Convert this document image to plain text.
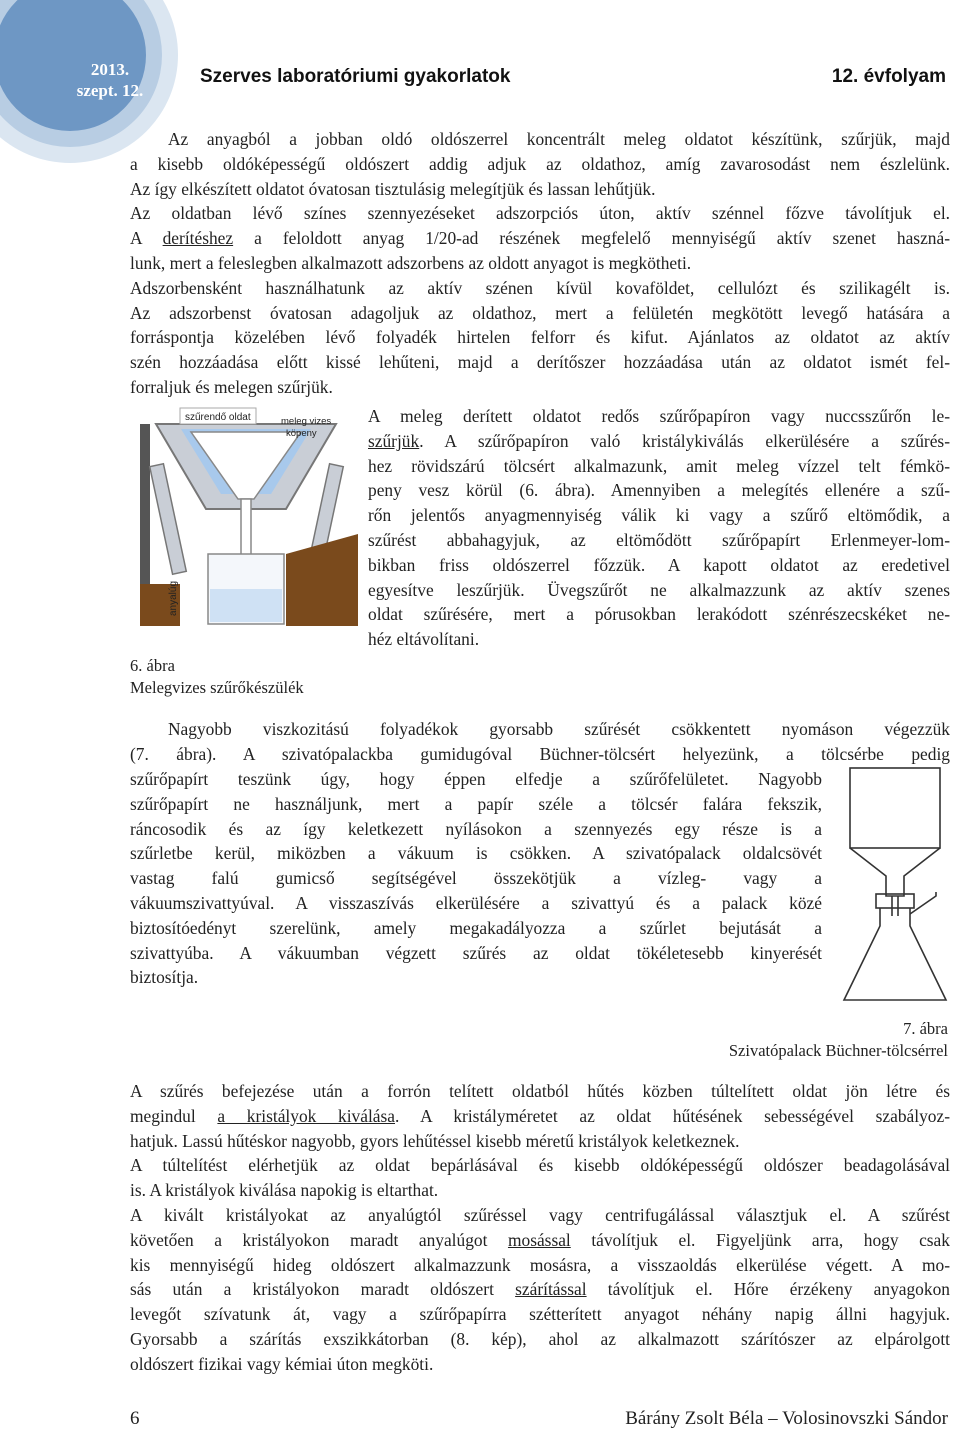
2013.
szept. 12.
Szerves laboratóriumi gyakorlatok	12. évfolyam
Az anyagból a jobban oldó oldószerrel koncentrált meleg oldatot készítünk, szűrjük, majd
a kisebb oldóképességű oldószert addig adjuk az oldathoz, amíg zavarosodást nem észlelünk.
Az így elkészített oldatot óvatosan tisztulásig melegítjük és lassan lehűtjük.
Az oldatban lévő színes szennyezéseket adszorpciós úton, aktív szénnel főzve távolítjuk el.
A derítéshez a feloldott anyag 1/20-ad részének megfelelő mennyiségű aktív szenet haszná-
lunk, mert a feleslegben alkalmazott adszorbens az oldott anyagot is megkötheti.
Adszorbensként használhatunk az aktív szénen kívül kovaföldet, cellulózt és szilikagélt is.
Az adszorbenst óvatosan adagoljuk az oldathoz, mert a felületén megkötött levegő hatására a
forráspontja közelében lévő folyadék hirtelen felforr és kifut. Ajánlatos az oldatot az aktív
szén hozzáadása előtt kissé lehűteni, majd a derítőszer hozzáadása után az oldatot ismét fel-
forraljuk és melegen szűrjük.
szűrendő oldat	meleg vizes köpeny
anyalúg
6. ábra
Melegvizes szűrőkészülék
A meleg derített oldatot redős szűrőpapíron vagy nuccsszűrőn le-
szűrjük. A szűrőpapíron való kristálykiválás elkerülésére a szűrés-
hez rövidszárú tölcsért alkalmazunk, amit meleg vízzel telt fémkö-
peny vesz körül (6. ábra). Amennyiben a melegítés ellenére a szű-
rőn jelentős anyagmennyiség válik ki vagy a szűrő eltömődik, a
szűrést abbahagyjuk, az eltömődött szűrőpapírt Erlenmeyer-lom-
bikban friss oldószerrel főzzük. A kapott oldatot az eredetivel
egyesítve leszűrjük. Üvegszűrőt ne alkalmazzunk az aktív szenes
oldat szűrésére, mert a pórusokban lerakódott szénrészecskéket ne-
héz eltávolítani.
Nagyobb viszkozitású folyadékok gyorsabb szűrését csökkentett nyomáson végezzük
(7. ábra). A szivatópalackba gumidugóval Büchner-tölcsért helyezünk, a tölcsérbe pedig
szűrőpapírt teszünk úgy, hogy éppen elfedje a szűrőfelületet. Nagyobb
szűrőpapírt ne használjunk, mert a papír széle a tölcsér falára fekszik,
ráncosodik és az így keletkezett nyílásokon a szennyezés egy része is a
szűrletbe kerül, miközben a vákuum is csökken. A szivatópalack oldalcsövét
vastag falú gumicső segítségével összekötjük a vízleg- vagy a
vákuumszivattyúval. A visszaszívás elkerülésére a szivattyú és a palack közé
biztosítóedényt szerelünk, amely megakadályozza a szűrlet bejutását a
szivattyúba. A vákuumban végzett szűrés az oldat tökéletesebb kinyerését
biztosítja.
7. ábra
Szivatópalack Büchner-tölcsérrel
A szűrés befejezése után a forrón telített oldatból hűtés közben túltelített oldat jön létre és
megindul a kristályok kiválása. A kristályméretet az oldat hűtésének sebességével szabályoz-
hatjuk. Lassú hűtéskor nagyobb, gyors lehűtéssel kisebb méretű kristályok keletkeznek.
A túltelítést elérhetjük az oldat bepárlásával és kisebb oldóképességű oldószer beadagolásával
is. A kristályok kiválása napokig is eltarthat.
A kivált kristályokat az anyalúgtól szűréssel vagy centrifugálással választjuk el. A szűrést
követően a kristályokon maradt anyalúgot mosással távolítjuk el. Figyeljünk arra, hogy csak
kis mennyiségű hideg oldószert alkalmazzunk mosásra, a visszaoldás elkerülése végett. A mo-
sás után a kristályokon maradt oldószert szárítással távolítjuk el. Hőre érzékeny anyagokon
levegőt szívatunk át, vagy a szűrőpapírra szétterített anyagot néhány napig állni hagyjuk.
Gyorsabb a szárítás exszikkátorban (8. kép), ahol az alkalmazott szárítószer az elpárolgott
oldószert fizikai vagy kémiai úton megköti.
6	Bárány Zsolt Béla – Volosinovszki Sándor
